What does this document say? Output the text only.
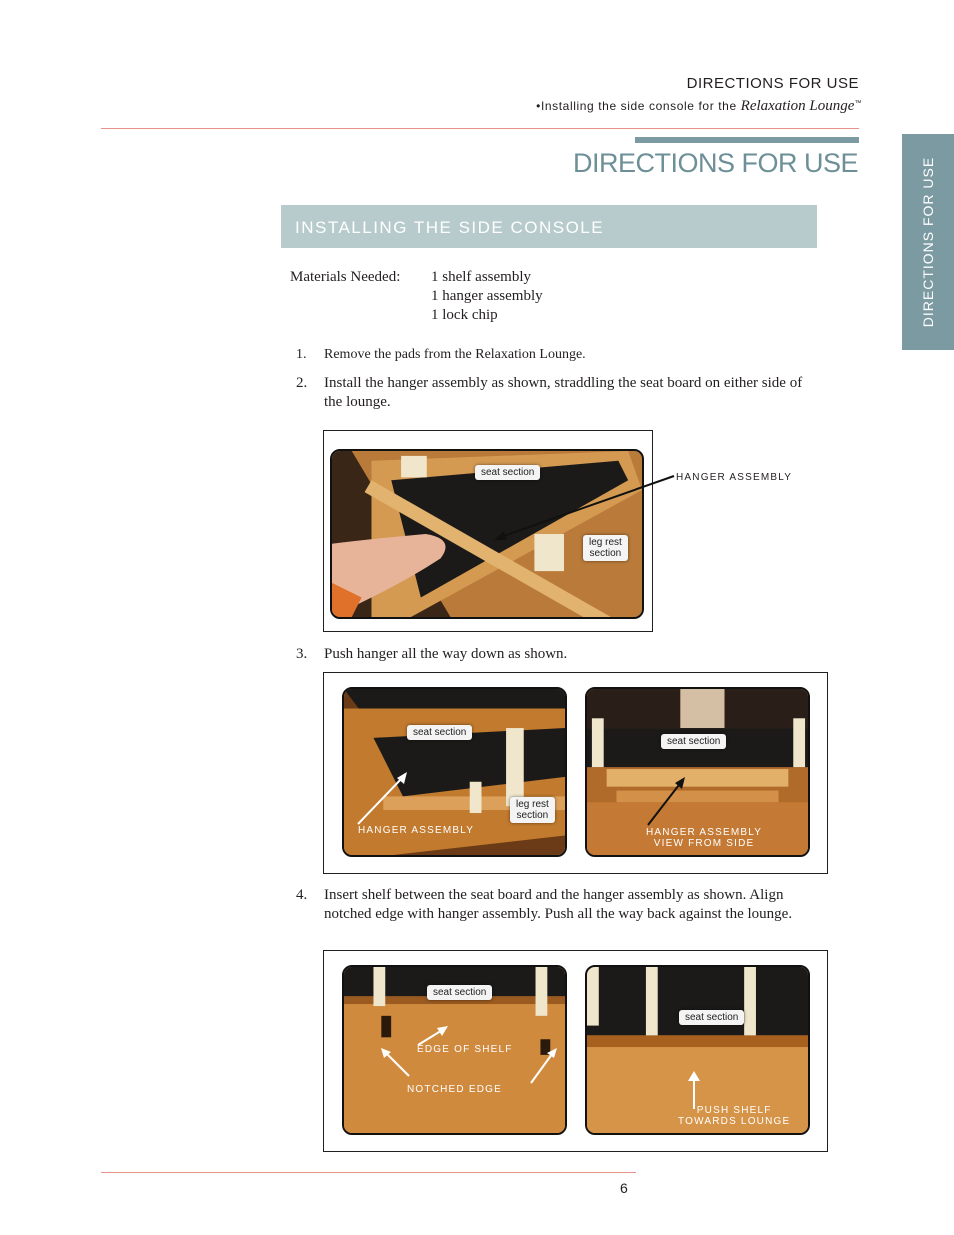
DIRECTIONS FOR USE
•Installing the side console for the Relaxation Lounge™
DIRECTIONS FOR USE	DIRECTIONS FOR USE
INSTALLING THE SIDE CONSOLE
Materials Needed: 1 shelf assembly
1 hanger assembly
1 lock chip
1. Remove the pads from the Relaxation Lounge.
2. Install the hanger assembly as shown, straddling the seat board on either side of the lounge.
seat section
leg rest
section
HANGER ASSEMBLY
3. Push hanger all the way down as shown.
seat section
leg rest
section
HANGER ASSEMBLY
seat section
HANGER ASSEMBLY
VIEW FROM SIDE
4. Insert shelf between the seat board and the hanger assembly as shown. Align notched edge with hanger assembly. Push all the way back against the lounge.
seat section
EDGE OF SHELF
NOTCHED EDGE
seat section
PUSH SHELF
TOWARDS LOUNGE
6
